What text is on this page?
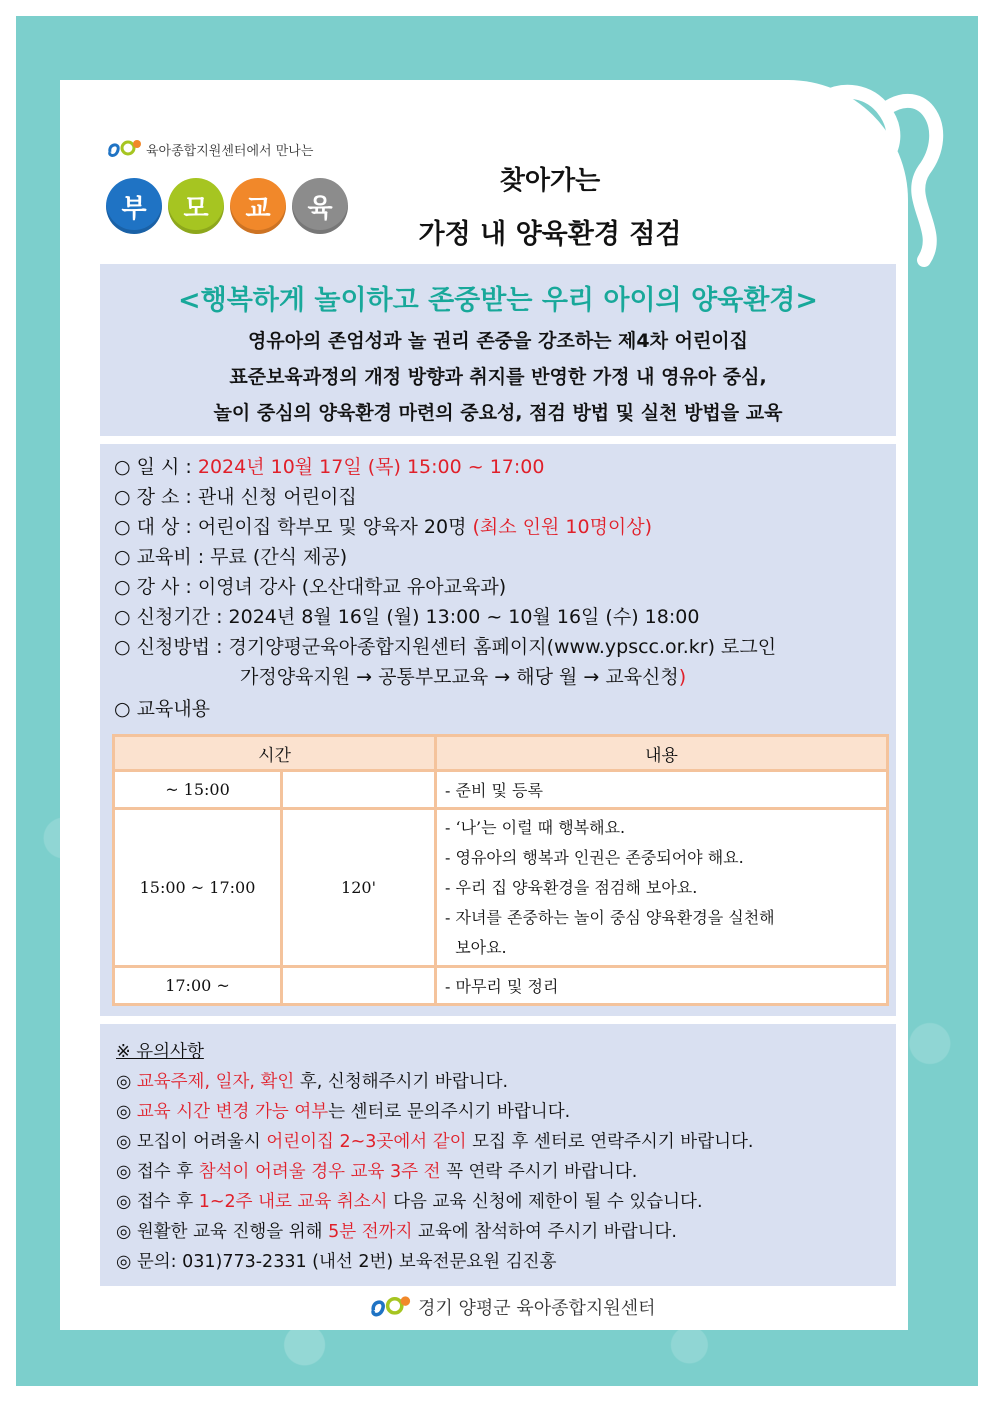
육아종합지원센터에서 만나는
부	모	교	육
찾아가는
가정 내 양육환경 점검
<행복하게 놀이하고 존중받는 우리 아이의 양육환경>
영유아의 존엄성과 놀 권리 존중을 강조하는 제4차 어린이집
표준보육과정의 개정 방향과 취지를 반영한 가정 내 영유아 중심,
놀이 중심의 양육환경 마련의 중요성, 점검 방법 및 실천 방법을 교육
○ 일 시 : 2024년 10월 17일 (목) 15:00 ~ 17:00
○ 장 소 : 관내 신청 어린이집
○ 대 상 : 어린이집 학부모 및 양육자 20명 (최소 인원 10명이상)
○ 교육비 : 무료 (간식 제공)
○ 강 사 : 이영녀 강사 (오산대학교 유아교육과)
○ 신청기간 : 2024년 8월 16일 (월) 13:00 ~ 10월 16일 (수) 18:00
○ 신청방법 : 경기양평군육아종합지원센터 홈페이지(www.ypscc.or.kr) 로그인
가정양육지원 → 공통부모교육 → 해당 월 → 교육신청)
○ 교육내용
시간		내용
~ 15:00		- 준비 및 등록
15:00 ~ 17:00	120'	- ‘나’는 이럴 때 행복해요.
- 영유아의 행복과 인권은 존중되어야 해요.
- 우리 집 양육환경을 점검해 보아요.
- 자녀를 존중하는 놀이 중심 양육환경을 실천해
보아요.

17:00 ~		- 마무리 및 정리
※ 유의사항
◎ 교육주제, 일자, 확인 후, 신청해주시기 바랍니다.
◎ 교육 시간 변경 가능 여부는 센터로 문의주시기 바랍니다.
◎ 모집이 어려울시 어린이집 2~3곳에서 같이 모집 후 센터로 연락주시기 바랍니다.
◎ 접수 후 참석이 어려울 경우 교육 3주 전 꼭 연락 주시기 바랍니다.
◎ 접수 후 1~2주 내로 교육 취소시 다음 교육 신청에 제한이 될 수 있습니다.
◎ 원활한 교육 진행을 위해 5분 전까지 교육에 참석하여 주시기 바랍니다.
◎ 문의: 031)773-2331 (내선 2번) 보육전문요원 김진홍
경기 양평군 육아종합지원센터
